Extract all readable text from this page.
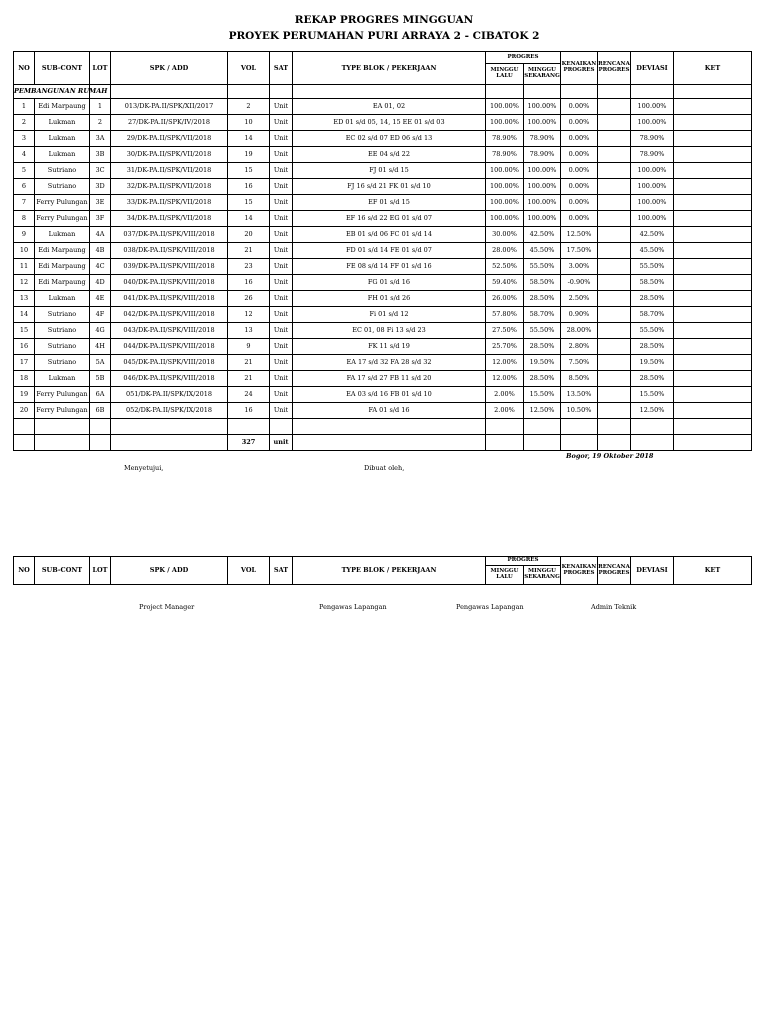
REKAP PROGRES MINGGUAN
PROYEK PERUMAHAN PURI ARRAYA 2 - CIBATOK 2
NO	SUB-CONT	LOT	SPK / ADD	VOL	SAT	TYPE BLOK / PEKERJAAN	PROGRES		KENAIKAN PROGRES	RENCANA PROGRES	DEVIASI	KET
							MINGGU LALU	MINGGU SEKARANG				
PEMBANGUNAN RUMAH												
1	Edi Marpaung	1	013/DK-PA.II/SPK/XII/2017	2	Unit	EA 01, 02	100.00%	100.00%	0.00%		100.00%	
2	Lukman	2	27/DK-PA.II/SPK/IV/2018	10	Unit	ED 01 s/d 05, 14, 15 EE 01 s/d 03	100.00%	100.00%	0.00%		100.00%	
3	Lukman	3A	29/DK-PA.II/SPK/VII/2018	14	Unit	EC 02 s/d 07 ED 06 s/d 13	78.90%	78.90%	0.00%		78.90%	
4	Lukman	3B	30/DK-PA.II/SPK/VII/2018	19	Unit	EE 04 s/d 22	78.90%	78.90%	0.00%		78.90%	
5	Sutriano	3C	31/DK-PA.II/SPK/VII/2018	15	Unit	FJ 01 s/d 15	100.00%	100.00%	0.00%		100.00%	
6	Sutriano	3D	32/DK-PA.II/SPK/VII/2018	16	Unit	FJ 16 s/d 21 FK 01 s/d 10	100.00%	100.00%	0.00%		100.00%	
7	Ferry Pulungan	3E	33/DK-PA.II/SPK/VII/2018	15	Unit	EF 01 s/d 15	100.00%	100.00%	0.00%		100.00%	
8	Ferry Pulungan	3F	34/DK-PA.II/SPK/VII/2018	14	Unit	EF 16 s/d 22 EG 01 s/d 07	100.00%	100.00%	0.00%		100.00%	
9	Lukman	4A	037/DK-PA.II/SPK/VIII/2018	20	Unit	EB 01 s/d 06 FC 01 s/d 14	30.00%	42.50%	12.50%		42.50%	
10	Edi Marpaung	4B	038/DK-PA.II/SPK/VIII/2018	21	Unit	FD 01 s/d 14 FE 01 s/d 07	28.00%	45.50%	17.50%		45.50%	
11	Edi Marpaung	4C	039/DK-PA.II/SPK/VIII/2018	23	Unit	FE 08 s/d 14 FF 01 s/d 16	52.50%	55.50%	3.00%		55.50%	
12	Edi Marpaung	4D	040/DK-PA.II/SPK/VIII/2018	16	Unit	FG 01 s/d 16	59.40%	58.50%	-0.90%		58.50%	
13	Lukman	4E	041/DK-PA.II/SPK/VIII/2018	26	Unit	FH 01 s/d 26	26.00%	28.50%	2.50%		28.50%	
14	Sutriano	4F	042/DK-PA.II/SPK/VIII/2018	12	Unit	Fi 01 s/d 12	57.80%	58.70%	0.90%		58.70%	
15	Sutriano	4G	043/DK-PA.II/SPK/VIII/2018	13	Unit	EC 01, 08 Fi 13 s/d 23	27.50%	55.50%	28.00%		55.50%	
16	Sutriano	4H	044/DK-PA.II/SPK/VIII/2018	9	Unit	FK 11 s/d 19	25.70%	28.50%	2.80%		28.50%	
17	Sutriano	5A	045/DK-PA.II/SPK/VIII/2018	21	Unit	EA 17 s/d 32 FA 28 s/d 32	12.00%	19.50%	7.50%		19.50%	
18	Lukman	5B	046/DK-PA.II/SPK/VIII/2018	21	Unit	FA 17 s/d 27 FB 11 s/d 20	12.00%	28.50%	8.50%		28.50%	
19	Ferry Pulungan	6A	051/DK-PA.II/SPK/IX/2018	24	Unit	EA 03 s/d 16 FB 01 s/d 10	2.00%	15.50%	13.50%		15.50%	
20	Ferry Pulungan	6B	052/DK-PA.II/SPK/IX/2018	16	Unit	FA 01 s/d 16	2.00%	12.50%	10.50%		12.50%	

				327	unit							
Bogor, 19 Oktober 2018
Menyetujui,	Dibuat oleh,
NO	SUB-CONT	LOT	SPK / ADD	VOL	SAT	TYPE BLOK / PEKERJAAN	PROGRES		KENAIKAN PROGRES	RENCANA PROGRES	DEVIASI	KET
							MINGGU LALU	MINGGU SEKARANG				
Project Manager	Pengawas Lapangan	Pengawas Lapangan	Admin Teknik
